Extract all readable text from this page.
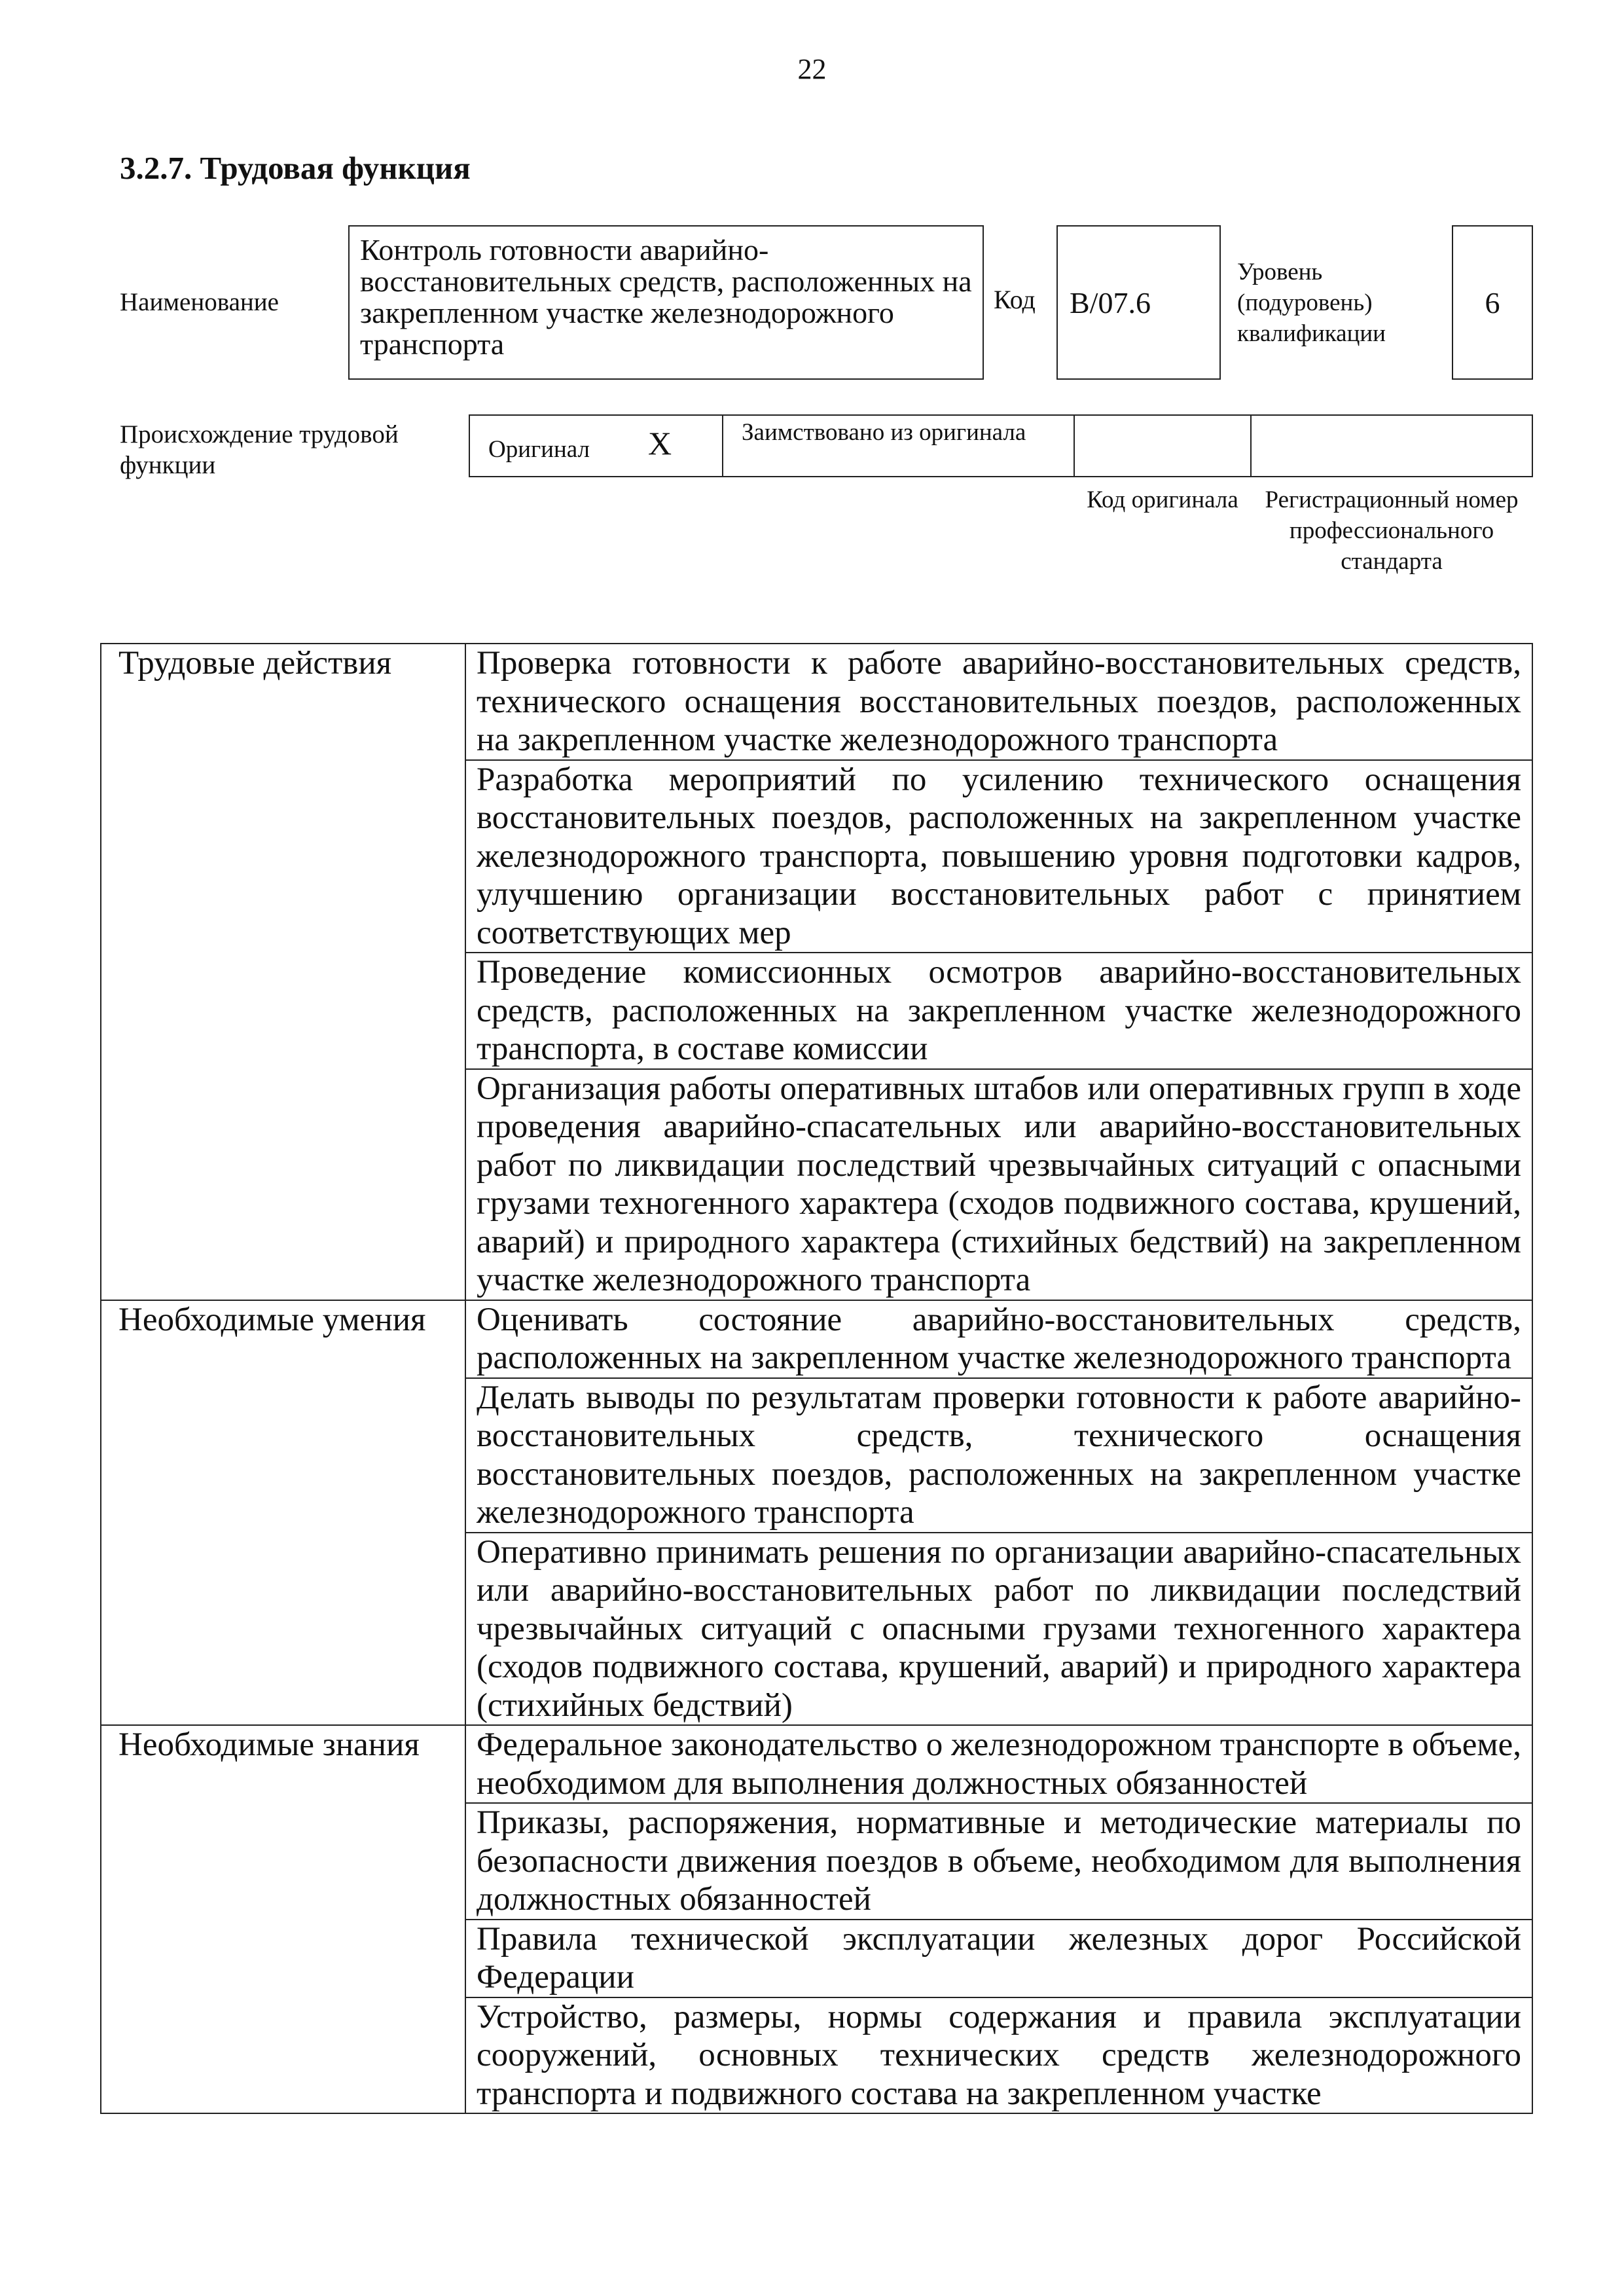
22
3.2.7. Трудовая функция
Наименование
Контроль готовности аварийно-восстановительных средств, расположенных на закрепленном участке железнодорожного транспорта
Код	B/07.6
Уровень (подуровень) квалификации
6
Происхождение трудовой функции
Оригинал X	Заимствовано из оригинала
Код оригинала	Регистрационный номер профессионального стандарта
Трудовые действия	Проверка готовности к работе аварийно-восстановительных средств, технического оснащения восстановительных поездов, расположенных на закрепленном участке железнодорожного транспорта
	Разработка мероприятий по усилению технического оснащения восстановительных поездов, расположенных на закрепленном участке железнодорожного транспорта, повышению уровня подготовки кадров, улучшению организации восстановительных работ с принятием соответствующих мер
	Проведение комиссионных осмотров аварийно-восстановительных средств, расположенных на закрепленном участке железнодорожного транспорта, в составе комиссии
	Организация работы оперативных штабов или оперативных групп в ходе проведения аварийно-спасательных или аварийно-восстановительных работ по ликвидации последствий чрезвычайных ситуаций с опасными грузами техногенного характера (сходов подвижного состава, крушений, аварий) и природного характера (стихийных бедствий) на закрепленном участке железнодорожного транспорта
Необходимые умения	Оценивать состояние аварийно-восстановительных средств, расположенных на закрепленном участке железнодорожного транспорта
	Делать выводы по результатам проверки готовности к работе аварийно-восстановительных средств, технического оснащения восстановительных поездов, расположенных на закрепленном участке железнодорожного транспорта
	Оперативно принимать решения по организации аварийно-спасательных или аварийно-восстановительных работ по ликвидации последствий чрезвычайных ситуаций с опасными грузами техногенного характера (сходов подвижного состава, крушений, аварий) и природного характера (стихийных бедствий)
Необходимые знания	Федеральное законодательство о железнодорожном транспорте в объеме, необходимом для выполнения должностных обязанностей
	Приказы, распоряжения, нормативные и методические материалы по безопасности движения поездов в объеме, необходимом для выполнения должностных обязанностей
	Правила технической эксплуатации железных дорог Российской Федерации
	Устройство, размеры, нормы содержания и правила эксплуатации сооружений, основных технических средств железнодорожного транспорта и подвижного состава на закрепленном участке
